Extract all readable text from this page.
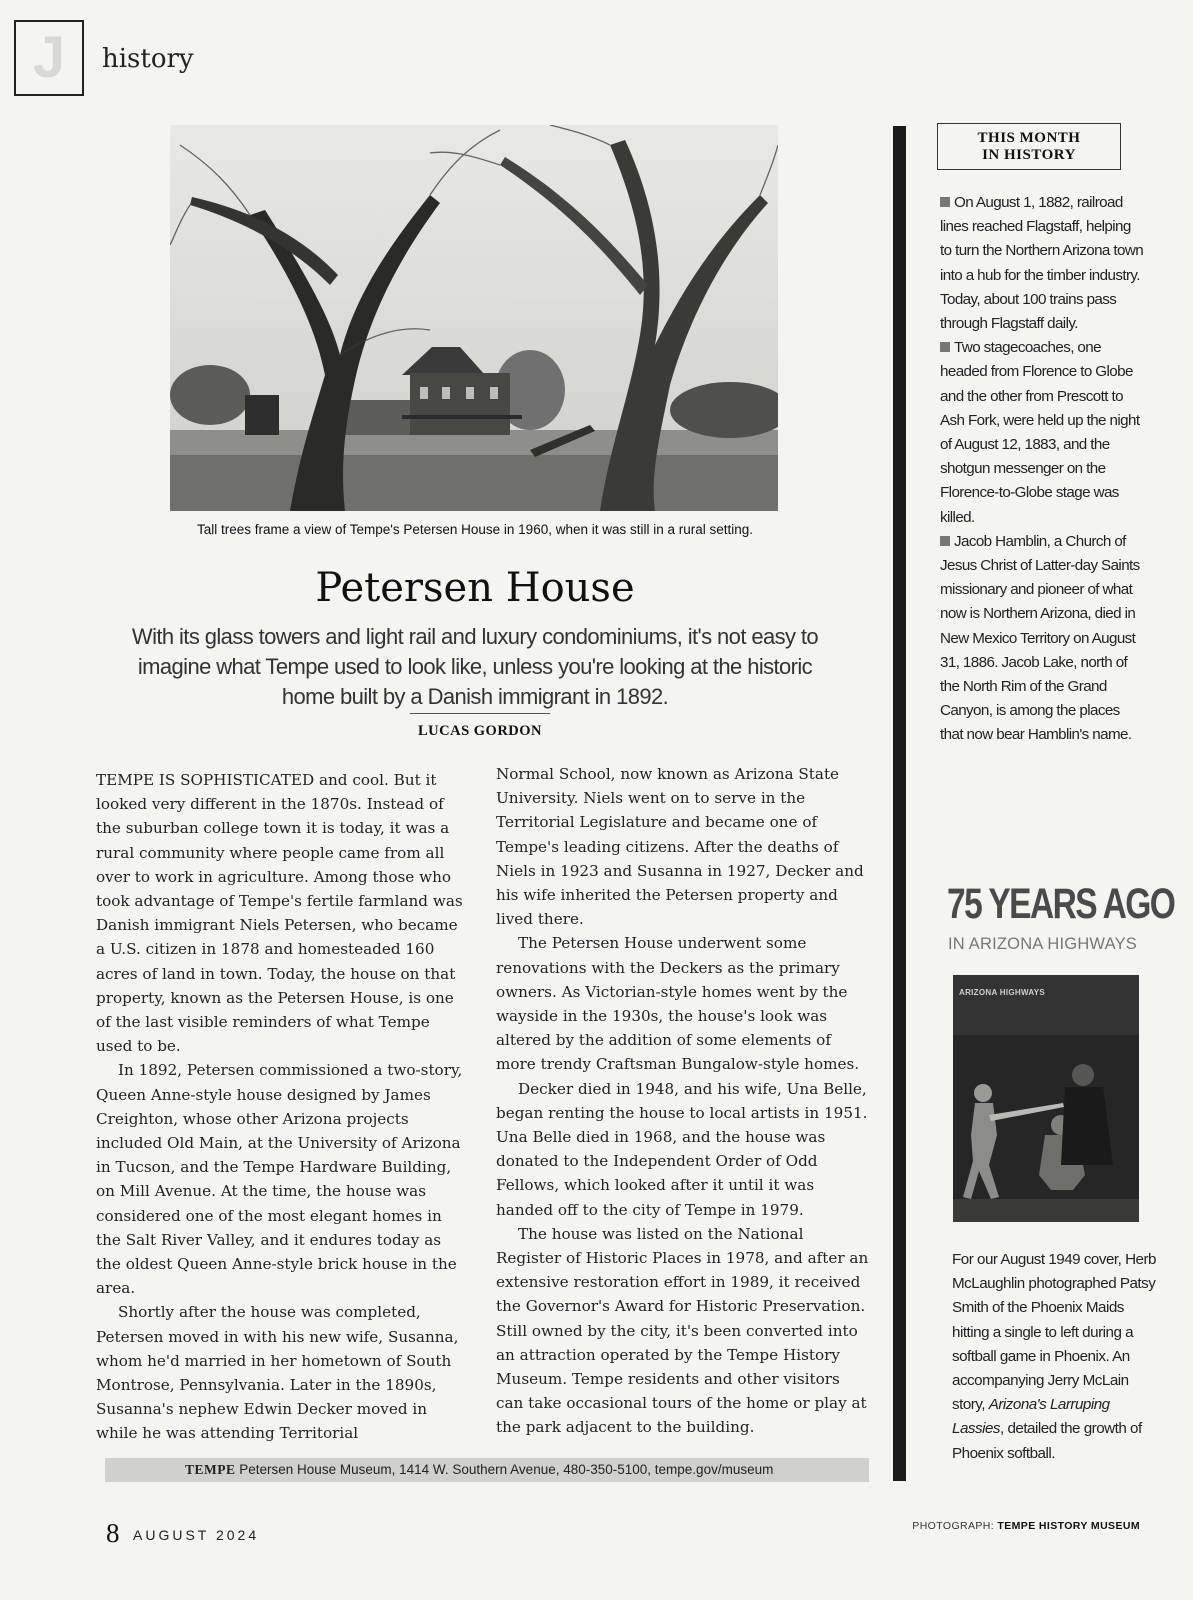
J	history
Tall trees frame a view of Tempe's Petersen House in 1960, when it was still in a rural setting.
Petersen House
With its glass towers and light rail and luxury condominiums, it's not easy to imagine what Tempe used to look like, unless you're looking at the historic home built by a Danish immigrant in 1892.
LUCAS GORDON

TEMPE IS SOPHISTICATED and cool. But it looked very different in the 1870s. Instead of the suburban college town it is today, it was a rural community where people came from all over to work in agriculture. Among those who took advantage of Tempe's fertile farmland was Danish immigrant Niels Petersen, who became a U.S. citizen in 1878 and homesteaded 160 acres of land in town. Today, the house on that property, known as the Petersen House, is one of the last visible reminders of what Tempe used to be.

In 1892, Petersen commissioned a two-story, Queen Anne-style house designed by James Creighton, whose other Arizona projects included Old Main, at the University of Arizona in Tucson, and the Tempe Hardware Building, on Mill Avenue. At the time, the house was considered one of the most elegant homes in the Salt River Valley, and it endures today as the oldest Queen Anne-style brick house in the area.

Shortly after the house was completed, Petersen moved in with his new wife, Susanna, whom he'd married in her hometown of South Montrose, Pennsylvania. Later in the 1890s, Susanna's nephew Edwin Decker moved in while he was attending Territorial

Normal School, now known as Arizona State University. Niels went on to serve in the Territorial Legislature and became one of Tempe's leading citizens. After the deaths of Niels in 1923 and Susanna in 1927, Decker and his wife inherited the Petersen property and lived there.

The Petersen House underwent some renovations with the Deckers as the primary owners. As Victorian-style homes went by the wayside in the 1930s, the house's look was altered by the addition of some elements of more trendy Craftsman Bungalow-style homes.

Decker died in 1948, and his wife, Una Belle, began renting the house to local artists in 1951. Una Belle died in 1968, and the house was donated to the Independent Order of Odd Fellows, which looked after it until it was handed off to the city of Tempe in 1979.

The house was listed on the National Register of Historic Places in 1978, and after an extensive restoration effort in 1989, it received the Governor's Award for Historic Preservation. Still owned by the city, it's been converted into an attraction operated by the Tempe History Museum. Tempe residents and other visitors can take occasional tours of the home or play at the park adjacent to the building.

TEMPE Petersen House Museum, 1414 W. Southern Avenue, 480-350-5100, tempe.gov/museum
8 AUGUST 2024
PHOTOGRAPH: TEMPE HISTORY MUSEUM
THIS MONTH
IN HISTORY

On August 1, 1882, railroad lines reached Flagstaff, helping to turn the Northern Arizona town into a hub for the timber industry. Today, about 100 trains pass through Flagstaff daily.

Two stagecoaches, one headed from Florence to Globe and the other from Prescott to Ash Fork, were held up the night of August 12, 1883, and the shotgun messenger on the Florence-to-Globe stage was killed.

Jacob Hamblin, a Church of Jesus Christ of Latter-day Saints missionary and pioneer of what now is Northern Arizona, died in New Mexico Territory on August 31, 1886. Jacob Lake, north of the North Rim of the Grand Canyon, is among the places that now bear Hamblin's name.

75 YEARS AGO
IN ARIZONA HIGHWAYS
ARIZONA HIGHWAYS
For our August 1949 cover, Herb McLaughlin photographed Patsy Smith of the Phoenix Maids hitting a single to left during a softball game in Phoenix. An accompanying Jerry McLain story, Arizona's Larruping Lassies, detailed the growth of Phoenix softball.
